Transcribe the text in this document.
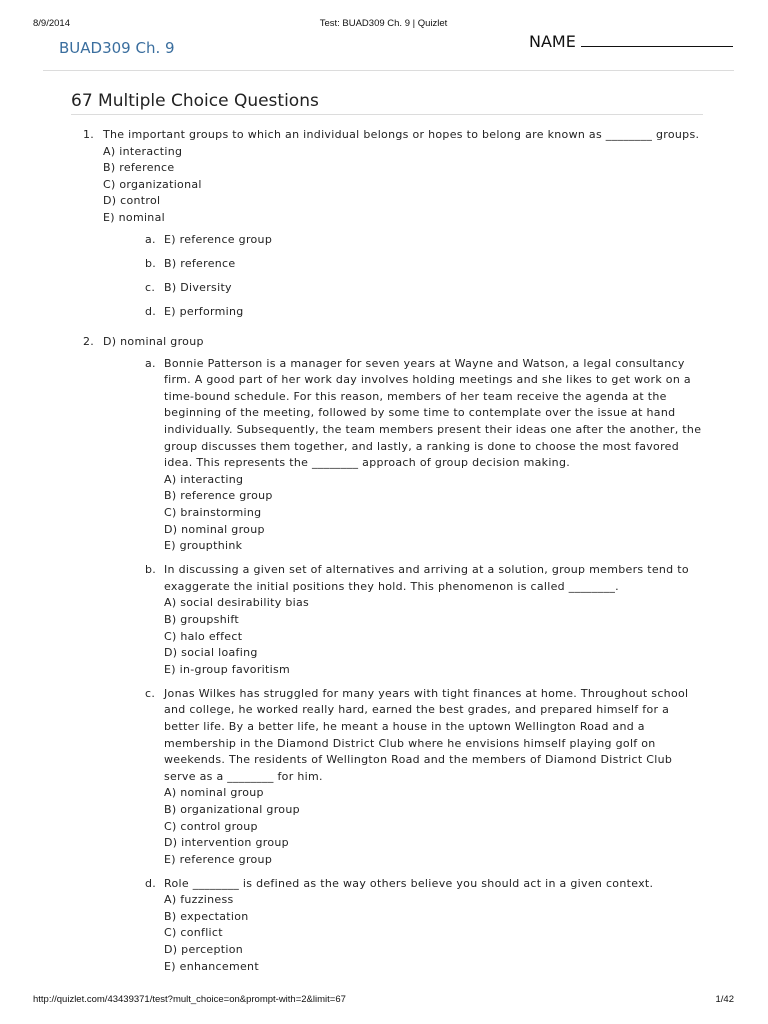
8/9/2014	Test: BUAD309 Ch. 9 | Quizlet
BUAD309 Ch. 9	NAME
67 Multiple Choice Questions
1. The important groups to which an individual belongs or hopes to belong are known as ________ groups.
A) interacting
B) reference
C) organizational
D) control
E) nominal
a. E) reference group
b. B) reference
c. B) Diversity
d. E) performing
2. D) nominal group
a. Bonnie Patterson is a manager for seven years at Wayne and Watson, a legal consultancy firm. A good part of her work day involves holding meetings and she likes to get work on a time-bound schedule. For this reason, members of her team receive the agenda at the beginning of the meeting, followed by some time to contemplate over the issue at hand individually. Subsequently, the team members present their ideas one after the another, the group discusses them together, and lastly, a ranking is done to choose the most favored idea. This represents the ________ approach of group decision making.
A) interacting
B) reference group
C) brainstorming
D) nominal group
E) groupthink
b. In discussing a given set of alternatives and arriving at a solution, group members tend to exaggerate the initial positions they hold. This phenomenon is called ________.
A) social desirability bias
B) groupshift
C) halo effect
D) social loafing
E) in-group favoritism
c. Jonas Wilkes has struggled for many years with tight finances at home. Throughout school and college, he worked really hard, earned the best grades, and prepared himself for a better life. By a better life, he meant a house in the uptown Wellington Road and a membership in the Diamond District Club where he envisions himself playing golf on weekends. The residents of Wellington Road and the members of Diamond District Club serve as a ________ for him.
A) nominal group
B) organizational group
C) control group
D) intervention group
E) reference group
d. Role ________ is defined as the way others believe you should act in a given context.
A) fuzziness
B) expectation
C) conflict
D) perception
E) enhancement
http://quizlet.com/43439371/test?mult_choice=on&prompt-with=2&limit=67	1/42
